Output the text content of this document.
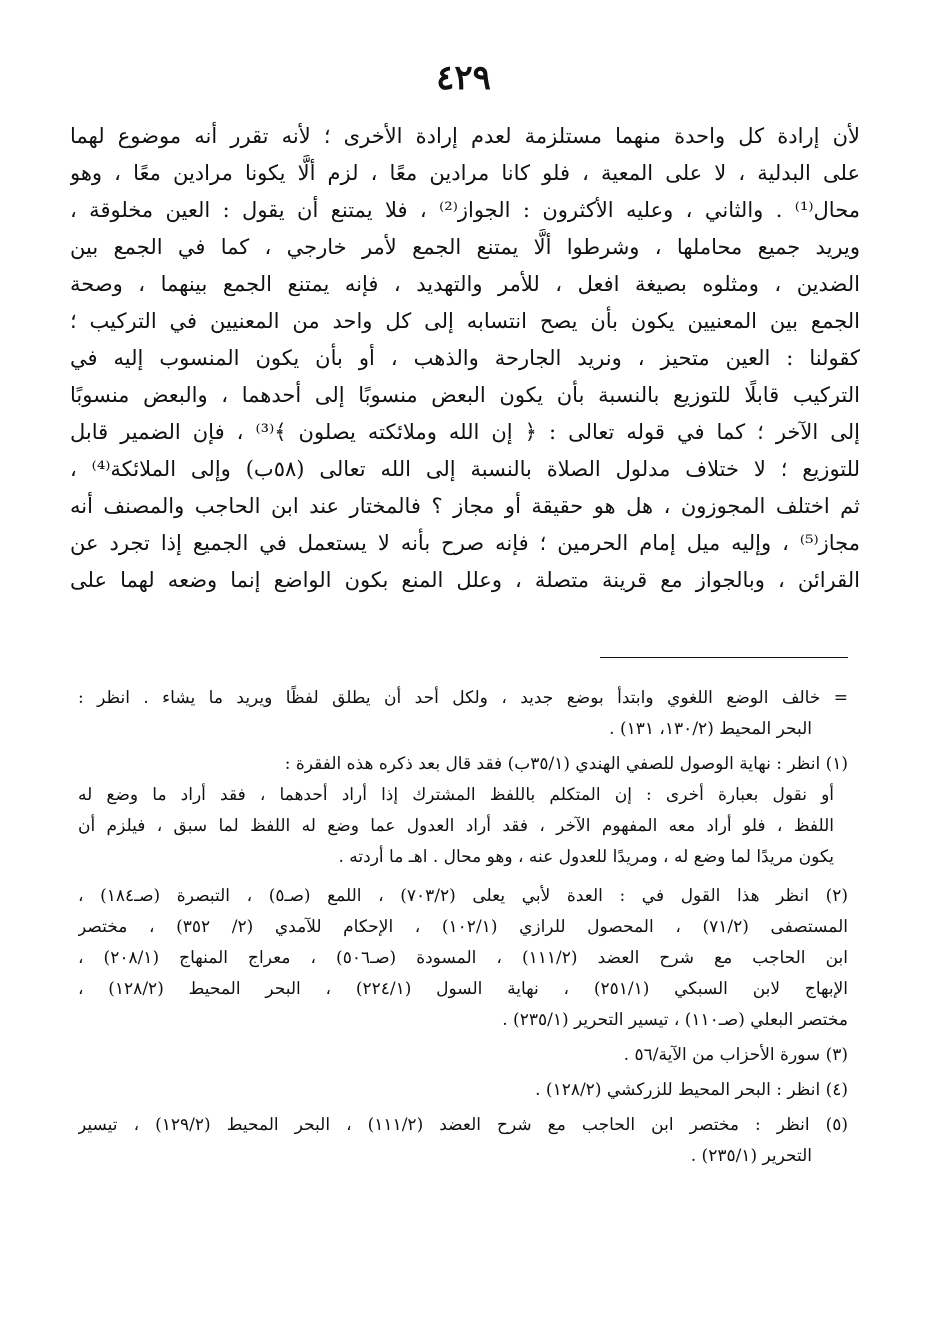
٤٢٩
لأن إرادة كل واحدة منهما مستلزمة لعدم إرادة الأخرى ؛ لأنه تقرر أنه موضوع لهما
على البدلية ، لا على المعية ، فلو كانا مرادين معًا ، لزم ألَّا يكونا مرادين معًا ، وهو
محال⁽¹⁾ . والثاني ، وعليه الأكثرون : الجواز⁽²⁾ ، فلا يمتنع أن يقول : العين مخلوقة ،
ويريد جميع محاملها ، وشرطوا ألَّا يمتنع الجمع لأمر خارجي ، كما في الجمع بين
الضدين ، ومثلوه بصيغة افعل ، للأمر والتهديد ، فإنه يمتنع الجمع بينهما ، وصحة
الجمع بين المعنيين يكون بأن يصح انتسابه إلى كل واحد من المعنيين في التركيب ؛
كقولنا : العين متحيز ، ونريد الجارحة والذهب ، أو بأن يكون المنسوب إليه في
التركيب قابلًا للتوزيع بالنسبة بأن يكون البعض منسوبًا إلى أحدهما ، والبعض منسوبًا
إلى الآخر ؛ كما في قوله تعالى : ﴿ إن الله وملائكته يصلون ﴾⁽³⁾ ، فإن الضمير قابل
للتوزيع ؛ لا ختلاف مدلول الصلاة بالنسبة إلى الله تعالى (٥٨ب) وإلى الملائكة⁽⁴⁾ ،
ثم اختلف المجوزون ، هل هو حقيقة أو مجاز ؟ فالمختار عند ابن الحاجب والمصنف أنه
مجاز⁽⁵⁾ ، وإليه ميل إمام الحرمين ؛ فإنه صرح بأنه لا يستعمل في الجميع إذا تجرد عن
القرائن ، وبالجواز مع قرينة متصلة ، وعلل المنع بكون الواضع إنما وضعه لهما على
= خالف الوضع اللغوي وابتدأ بوضع جديد ، ولكل أحد أن يطلق لفظًا ويريد ما يشاء . انظر :
البحر المحيط (١٣٠/٢، ١٣١) .
(١) انظر : نهاية الوصول للصفي الهندي (٣٥/١ب) فقد قال بعد ذكره هذه الفقرة :
أو نقول بعبارة أخرى : إن المتكلم باللفظ المشترك إذا أراد أحدهما ، فقد أراد ما وضع له
اللفظ ، فلو أراد معه المفهوم الآخر ، فقد أراد العدول عما وضع له اللفظ لما سبق ، فيلزم أن
يكون مريدًا لما وضع له ، ومريدًا للعدول عنه ، وهو محال . اهـ ما أردته .
(٢) انظر هذا القول في : العدة لأبي يعلى (٧٠٣/٢) ، اللمع (صـ٥) ، التبصرة (صـ١٨٤) ،
المستصفى (٧١/٢) ، المحصول للرازي (١٠٢/١) ، الإحكام للآمدي (٢/ ٣٥٢) ، مختصر
ابن الحاجب مع شرح العضد (١١١/٢) ، المسودة (صـ٥٠٦) ، معراج المنهاج (٢٠٨/١) ،
الإبهاج لابن السبكي (٢٥١/١) ، نهاية السول (٢٢٤/١) ، البحر المحيط (١٢٨/٢) ،
مختصر البعلي (صـ١١٠) ، تيسير التحرير (٢٣٥/١) .
(٣) سورة الأحزاب من الآية/٥٦ .
(٤) انظر : البحر المحيط للزركشي (١٢٨/٢) .
(٥) انظر : مختصر ابن الحاجب مع شرح العضد (١١١/٢) ، البحر المحيط (١٢٩/٢) ، تيسير
التحرير (٢٣٥/١) .
